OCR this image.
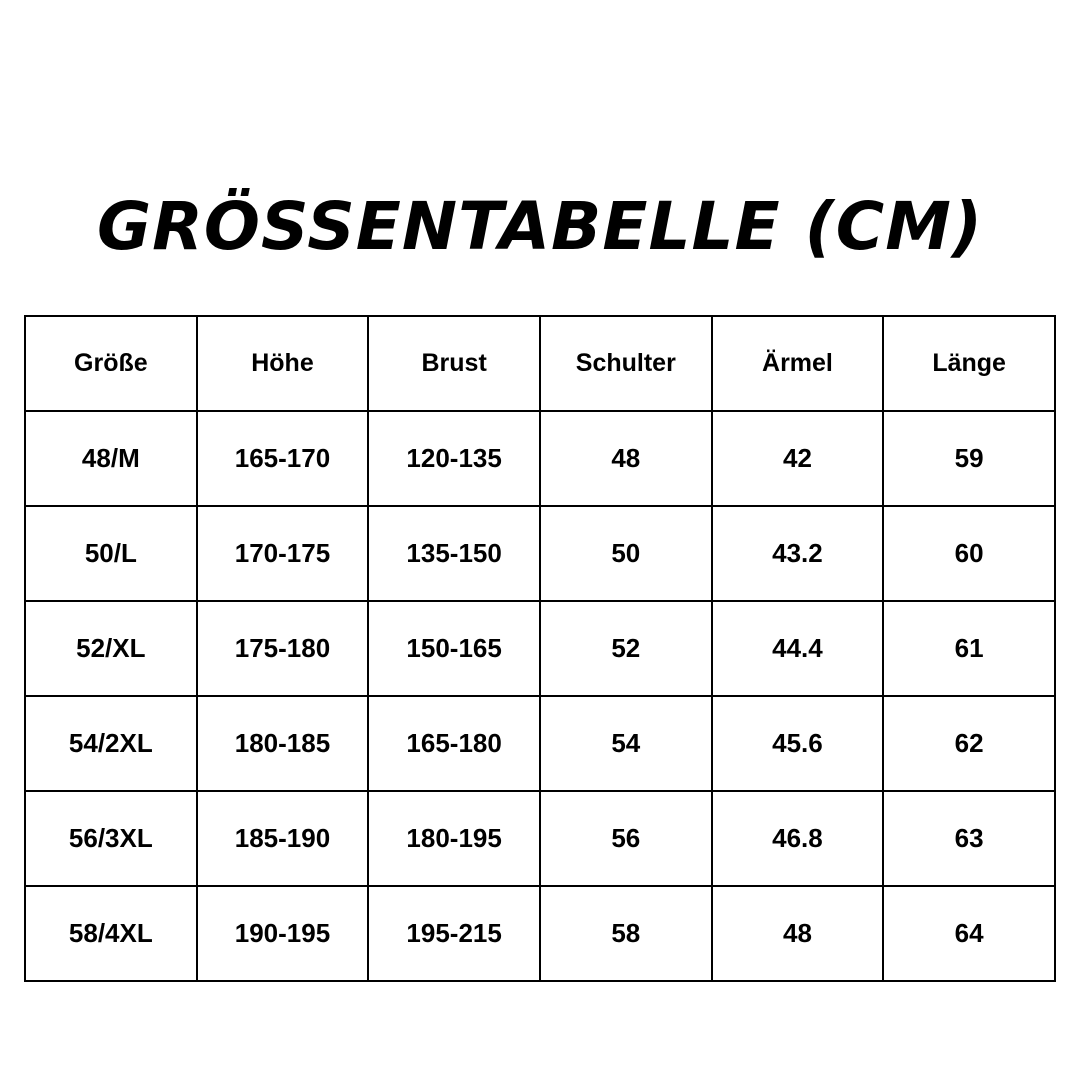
GRÖSSENTABELLE (CM)
Größe	Höhe	Brust	Schulter	Ärmel	Länge
48/M	165-170	120-135	48	42	59
50/L	170-175	135-150	50	43.2	60
52/XL	175-180	150-165	52	44.4	61
54/2XL	180-185	165-180	54	45.6	62
56/3XL	185-190	180-195	56	46.8	63
58/4XL	190-195	195-215	58	48	64
